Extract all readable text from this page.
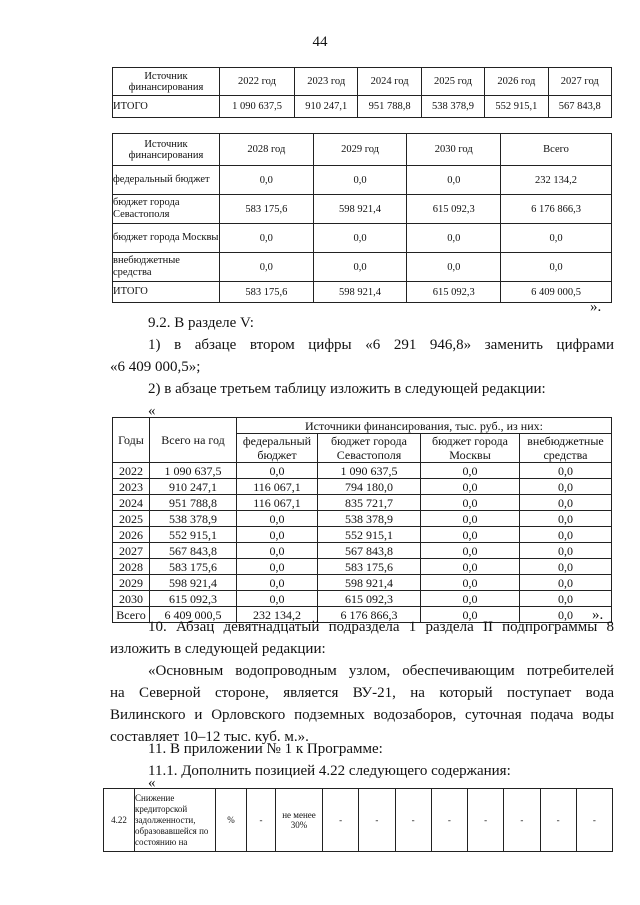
44
Источник финансирования	2022 год	2023 год	2024 год	2025 год	2026 год	2027 год
ИТОГО	1 090 637,5	910 247,1	951 788,8	538 378,9	552 915,1	567 843,8
Источник финансирования	2028 год	2029 год	2030 год	Всего
федеральный бюджет	0,0	0,0	0,0	232 134,2
бюджет города Севастополя	583 175,6	598 921,4	615 092,3	6 176 866,3
бюджет города Москвы	0,0	0,0	0,0	0,0
внебюджетные средства	0,0	0,0	0,0	0,0
ИТОГО	583 175,6	598 921,4	615 092,3	6 409 000,5
».
9.2. В разделе V:
1) в абзаце втором цифры «6 291 946,8» заменить цифрами
«6 409 000,5»;
2) в абзаце третьем таблицу изложить в следующей редакции:
«
Годы	Всего на год	Источники финансирования, тыс. руб., из них:			
		федеральный бюджет	бюджет города Севастополя	бюджет города Москвы	внебюджетные средства
2022	1 090 637,5	0,0	1 090 637,5	0,0	0,0
2023	910 247,1	116 067,1	794 180,0	0,0	0,0
2024	951 788,8	116 067,1	835 721,7	0,0	0,0
2025	538 378,9	0,0	538 378,9	0,0	0,0
2026	552 915,1	0,0	552 915,1	0,0	0,0
2027	567 843,8	0,0	567 843,8	0,0	0,0
2028	583 175,6	0,0	583 175,6	0,0	0,0
2029	598 921,4	0,0	598 921,4	0,0	0,0
2030	615 092,3	0,0	615 092,3	0,0	0,0
Всего	6 409 000,5	232 134,2	6 176 866,3	0,0	0,0 ».
10. Абзац девятнадцатый подраздела 1 раздела II подпрограммы 8
изложить в следующей редакции:
«Основным водопроводным узлом, обеспечивающим потребителей
на Северной стороне, является ВУ-21, на который поступает вода
Вилинского и Орловского подземных водозаборов, суточная подача воды
составляет 10–12 тыс. куб. м.».
11. В приложении № 1 к Программе:
4.22	Снижение кредиторской задолженности, образовавшейся по состоянию на	%	-	не менее 30%	-	-	-	-	-	-	-	-
11.1. Дополнить позицией 4.22 следующего содержания:
«
